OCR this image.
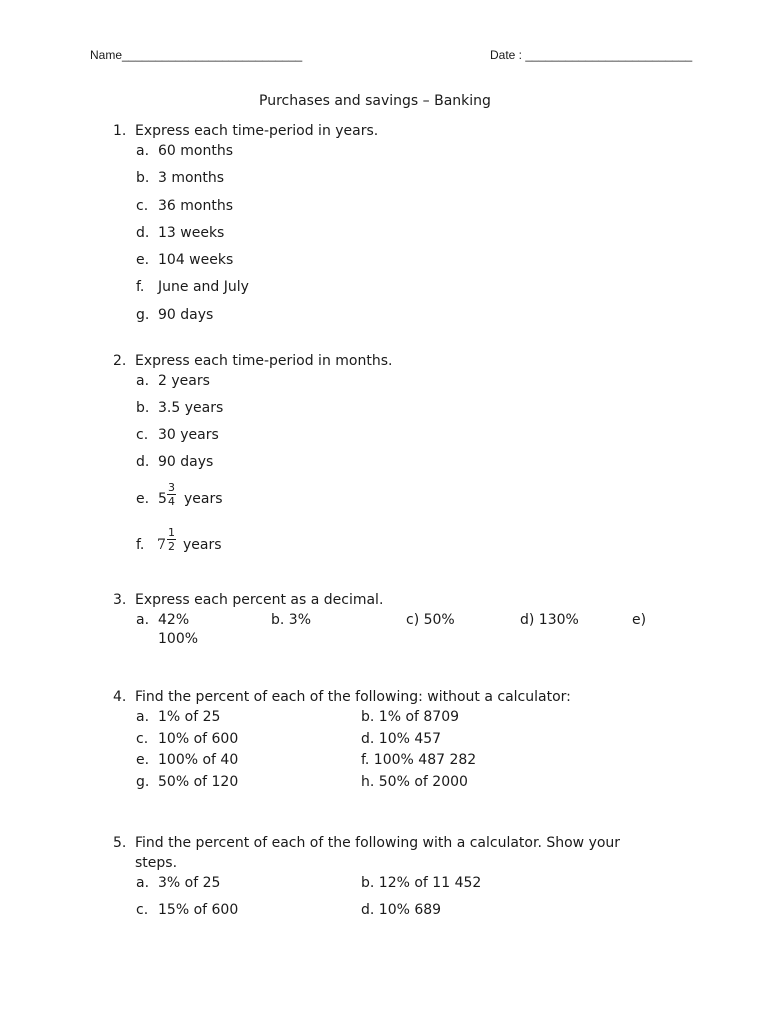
Name___________________________	Date : _________________________
Purchases and savings – Banking
1. Express each time-period in years.
a. 60 months
b. 3 months
c. 36 months
d. 13 weeks
e. 104 weeks
f. June and July
g. 90 days
2. Express each time-period in months.
a. 2 years
b. 3.5 years
c. 30 years
d. 90 days
e. $5 \frac{3}{4}$ years
f. $7 \frac{1}{2}$ years
3. Express each percent as a decimal.
a. 42%	b. 3%	c) 50%	d) 130%	e)
100%
4. Find the percent of each of the following: without a calculator:
a. 1% of 25	b. 1% of 8709
c. 10% of 600	d. 10% 457
e. 100% of 40	f. 100% 487 282
g. 50% of 120	h. 50% of 2000
5. Find the percent of each of the following with a calculator. Show your
steps.
a. 3% of 25	b. 12% of 11 452
c. 15% of 600	d. 10% 689
